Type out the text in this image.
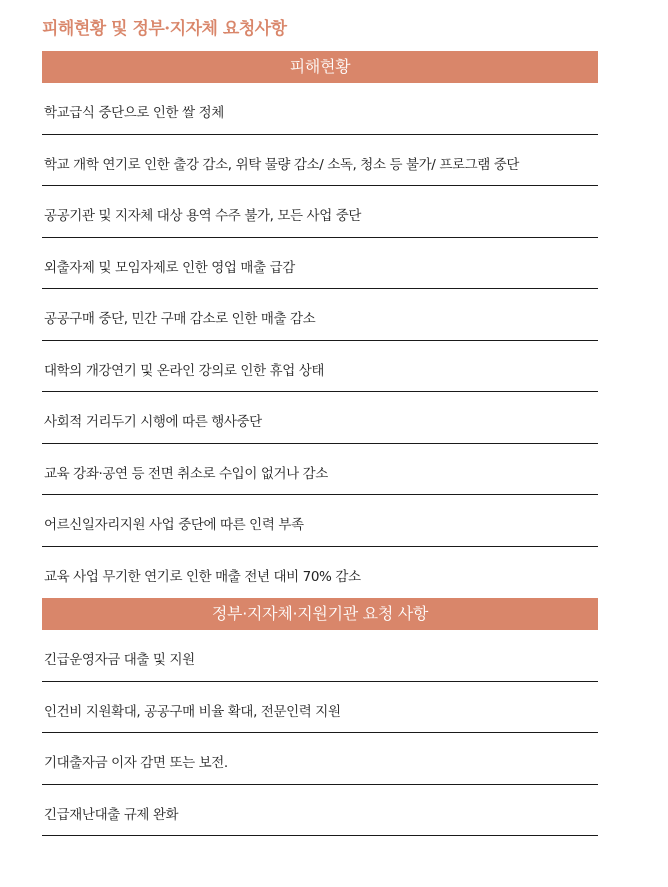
피해현황 및 정부·지자체 요청사항
피해현황
학교급식 중단으로 인한 쌀 정체
학교 개학 연기로 인한 출강 감소, 위탁 물량 감소/ 소독, 청소 등 불가/ 프로그램 중단
공공기관 및 지자체 대상 용역 수주 불가, 모든 사업 중단
외출자제 및 모임자제로 인한 영업 매출 급감
공공구매 중단, 민간 구매 감소로 인한 매출 감소
대학의 개강연기 및 온라인 강의로 인한 휴업 상태
사회적 거리두기 시행에 따른 행사중단
교육 강좌·공연 등 전면 취소로 수입이 없거나 감소
어르신일자리지원 사업 중단에 따른 인력 부족
교육 사업 무기한 연기로 인한 매출 전년 대비 70% 감소
정부·지자체·지원기관 요청 사항
긴급운영자금 대출 및 지원
인건비 지원확대, 공공구매 비율 확대, 전문인력 지원
기대출자금 이자 감면 또는 보전.
긴급재난대출 규제 완화
